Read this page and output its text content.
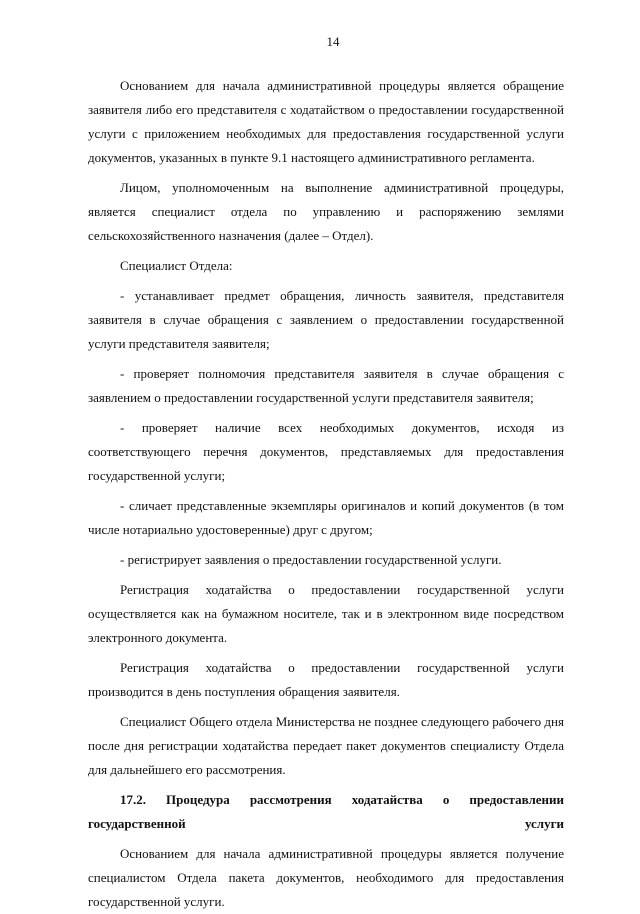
14

Основанием для начала административной процедуры является обращение заявителя либо его представителя с ходатайством о предоставлении государственной услуги с приложением необходимых для предоставления государственной услуги документов, указанных в пункте 9.1 настоящего административного регламента.

Лицом, уполномоченным на выполнение административной процедуры, является специалист отдела по управлению и распоряжению землями сельскохозяйственного назначения (далее – Отдел).

Специалист Отдела:

- устанавливает предмет обращения, личность заявителя, представителя заявителя в случае обращения с заявлением о предоставлении государственной услуги представителя заявителя;

- проверяет полномочия представителя заявителя в случае обращения с заявлением о предоставлении государственной услуги представителя заявителя;

- проверяет наличие всех необходимых документов, исходя из соответствующего перечня документов, представляемых для предоставления государственной услуги;

- сличает представленные экземпляры оригиналов и копий документов (в том числе нотариально удостоверенные) друг с другом;

- регистрирует заявления о предоставлении государственной услуги.

Регистрация ходатайства о предоставлении государственной услуги осуществляется как на бумажном носителе, так и в электронном виде посредством электронного документа.

Регистрация ходатайства о предоставлении государственной услуги производится в день поступления обращения заявителя.

Специалист Общего отдела Министерства не позднее следующего рабочего дня после дня регистрации ходатайства передает пакет документов специалисту Отдела для дальнейшего его рассмотрения.

17.2. Процедура рассмотрения ходатайства о предоставлении

государственной услуги

Основанием для начала административной процедуры является получение специалистом Отдела пакета документов, необходимого для предоставления государственной услуги.
